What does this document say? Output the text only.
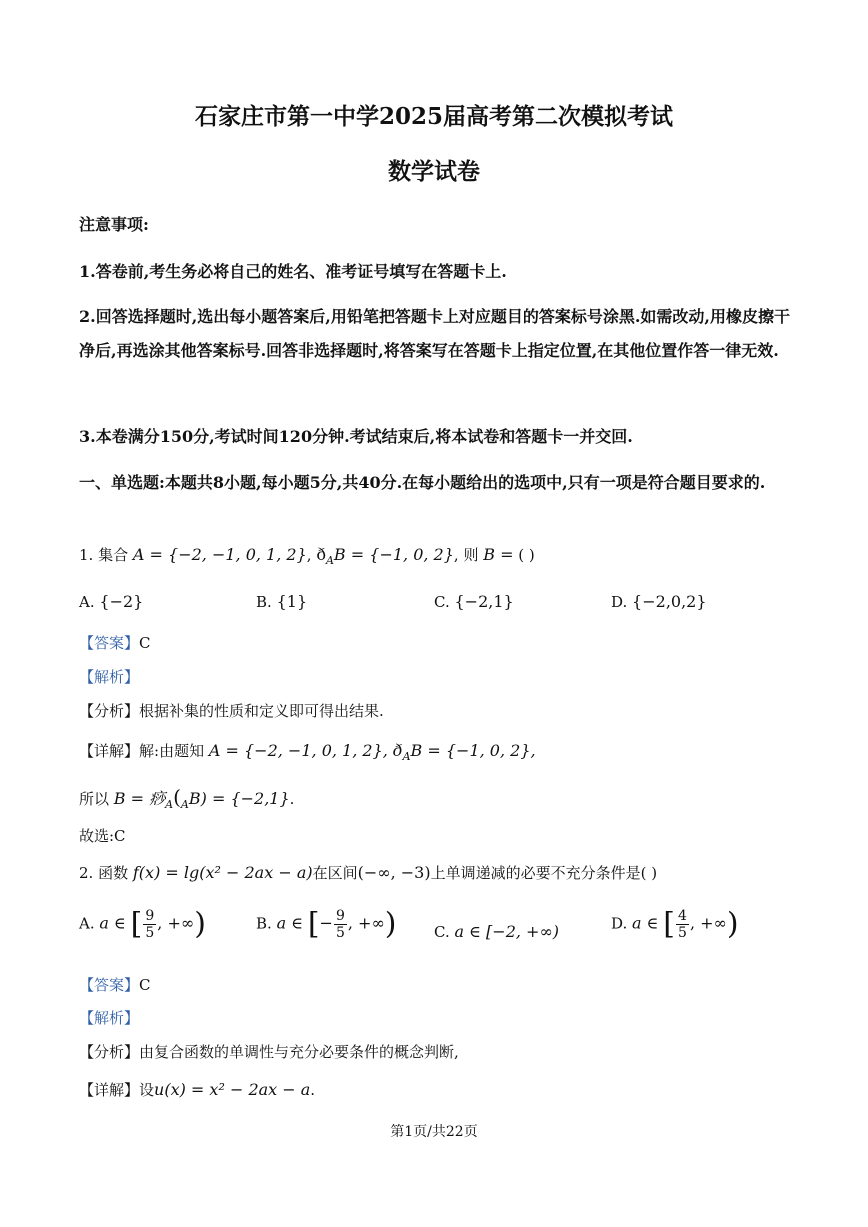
石家庄市第一中学2025届高考第二次模拟考试
数学试卷
注意事项:
1.答卷前,考生务必将自己的姓名、准考证号填写在答题卡上.
2.回答选择题时,选出每小题答案后,用铅笔把答题卡上对应题目的答案标号涂黑.如需改动,用橡皮擦干净后,再选涂其他答案标号.回答非选择题时,将答案写在答题卡上指定位置,在其他位置作答一律无效.
3.本卷满分150分,考试时间120分钟.考试结束后,将本试卷和答题卡一并交回.
一、单选题:本题共8小题,每小题5分,共40分.在每小题给出的选项中,只有一项是符合题目要求的.
1. 集合 A = {−2, −1, 0, 1, 2}, $ð_AB = \{-1$, 0, 2}, 则 B = ( )
A. {−2}	B. {1}	C. {−2,1}	D. {−2,0,2}
【答案】C
【解析】
【分析】根据补集的性质和定义即可得出结果.
【详解】解:由题知 A = {−2, −1, 0, 1, 2}, $ð_AB = \{-1$, 0, 2},
所以 B = 痧$_A(_AB) = \{-2,1\}$.
故选:C
2. 函数 f(x) = lg(x² − 2ax − a)在区间(−∞, −3)上单调递减的必要不充分条件是( )
A. a ∈ [ $\frac{9}{5}$ , +∞)	B. a ∈ [− $\frac{9}{5}$ , +∞)	C. a ∈ [−2, +∞)	D. a ∈ [ $\frac{4}{5}$ , +∞)
【答案】C
【解析】
【分析】由复合函数的单调性与充分必要条件的概念判断,
【详解】设u(x) = x² − 2ax − a.
第1页/共22页
